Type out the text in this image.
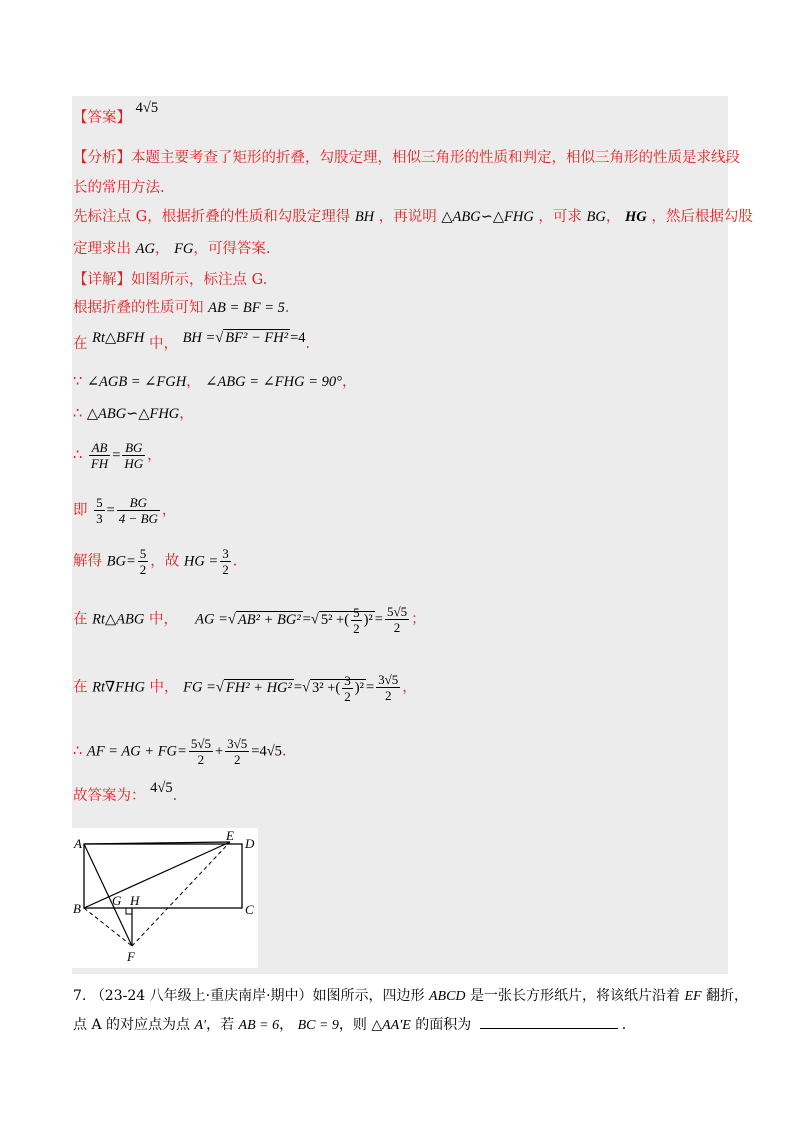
【答案】 4√5
【分析】本题主要考查了矩形的折叠，勾股定理，相似三角形的性质和判定，相似三角形的性质是求线段
长的常用方法.
先标注点 G，根据折叠的性质和勾股定理得 BH ，再说明 △ABG∽△FHG ，可求 BG， HG ，然后根据勾股
定理求出 AG， FG，可得答案.
【详解】如图所示，标注点 G.
根据折叠的性质可知 AB = BF = 5.
在 Rt△BFH 中， BH =√ BF² − FH² =4.
∵ ∠AGB = ∠FGH， ∠ABG = ∠FHG = 90°，
∴ △ABG∽△FHG，
∴ $\frac{AB}{FH} = \frac{BG}{HG}$ ，
即 $\frac{5}{3} = \frac{BG}{4 - BG}$ ，
解得 $BG= \frac{5}{2}$ ，故 HG = $\frac{3}{2}$ .
在 Rt△ABG 中， AG =√ AB² + BG² =√ 5² +( $\frac{5}{2} )^2 = \frac{5√5}{2}$ ；
在 Rt∇FHG 中， FG =√ FH² + HG² =√ 3² +( $\frac{3}{2} )^2 = \frac{3√5}{2}$ ，
∴ AF = AG + $FG= \frac{5√5}{2} + \frac{3√5}{2} =4√5$.
故答案为： 4√5.
A
E
D
B
G H
C
F
7. （23-24 八年级上·重庆南岸·期中）如图所示，四边形 ABCD 是一张长方形纸片，将该纸片沿着 EF 翻折，
点 A 的对应点为点 A′，若 AB = 6， BC = 9，则 △AA′E 的面积为	.
